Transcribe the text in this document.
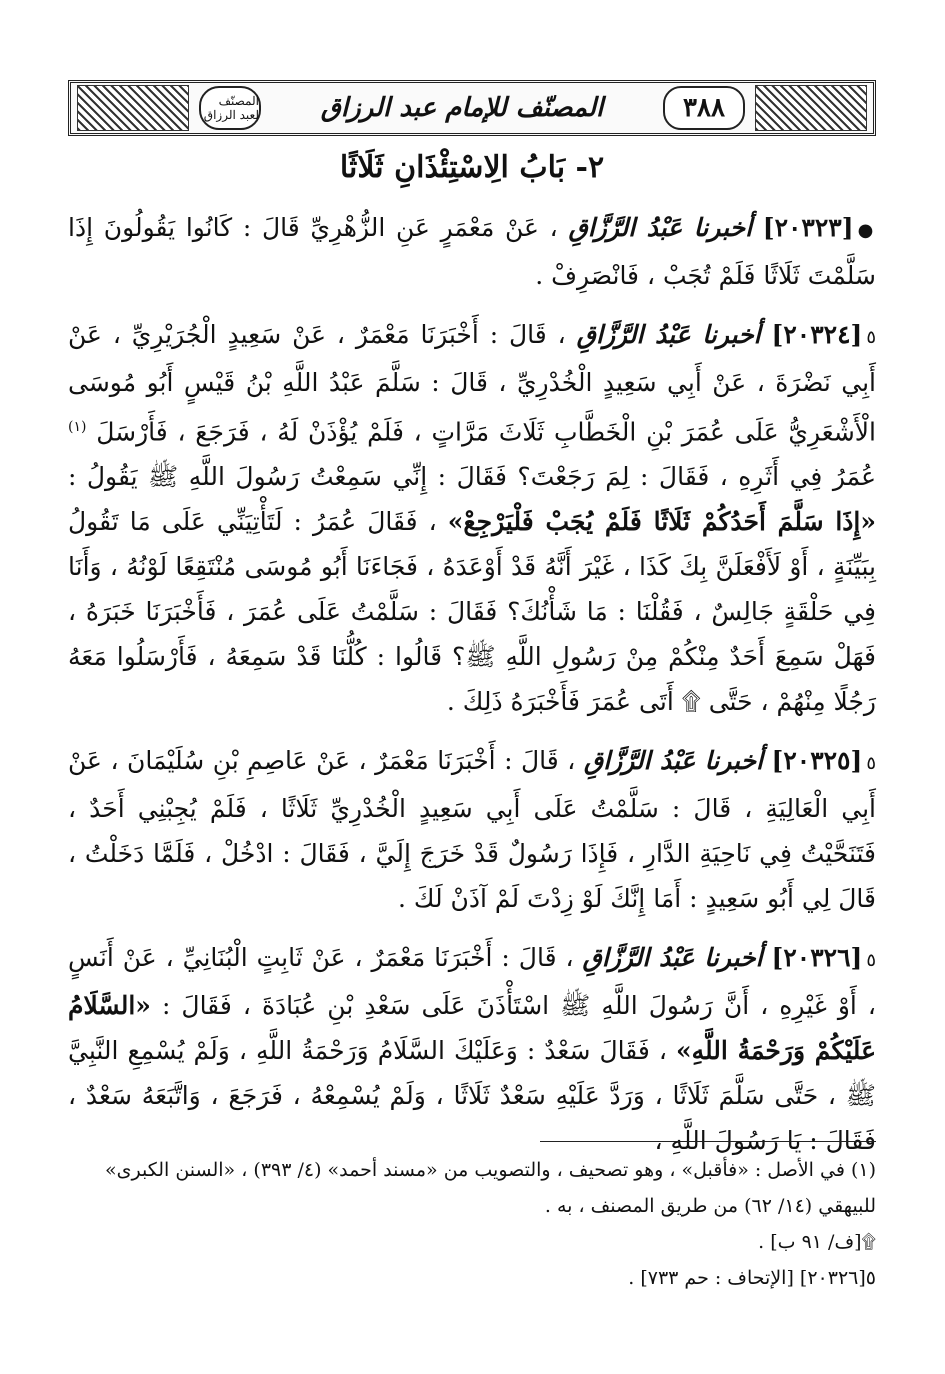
المصنّف لعبد الرزاق	المصنّف للإمام عبد الرزاق	٣٨٨
٢- بَابُ الِاسْتِئْذَانِ ثَلَاثًا

●[٢٠٣٢٣] أخبرنا عَبْدُ الرَّزَّاقِ ، عَنْ مَعْمَرٍ عَنِ الزُّهْرِيِّ قَالَ : كَانُوا يَقُولُونَ إِذَا سَلَّمْتَ ثَلَاثًا فَلَمْ تُجَبْ ، فَانْصَرِفْ .

٥[٢٠٣٢٤] أخبرنا عَبْدُ الرَّزَّاقِ ، قَالَ : أَخْبَرَنَا مَعْمَرٌ ، عَنْ سَعِيدٍ الْجُرَيْرِيِّ ، عَنْ أَبِي نَضْرَةَ ، عَنْ أَبِي سَعِيدٍ الْخُدْرِيِّ ، قَالَ : سَلَّمَ عَبْدُ اللَّهِ بْنُ قَيْسٍ أَبُو مُوسَى الْأَشْعَرِيُّ عَلَى عُمَرَ بْنِ الْخَطَّابِ ثَلَاثَ مَرَّاتٍ ، فَلَمْ يُؤْذَنْ لَهُ ، فَرَجَعَ ، فَأَرْسَلَ $^{(١)}$ عُمَرُ فِي أَثَرِهِ ، فَقَالَ : لِمَ رَجَعْتَ؟ فَقَالَ : إِنِّي سَمِعْتُ رَسُولَ اللَّهِ ﷺ يَقُولُ : «إِذَا سَلَّمَ أَحَدُكُمْ ثَلَاثًا فَلَمْ يُجَبْ فَلْيَرْجِعْ» ، فَقَالَ عُمَرُ : لَتَأْتِيَنِّي عَلَى مَا تَقُولُ بِبَيِّنَةٍ ، أَوْ لَأَفْعَلَنَّ بِكَ كَذَا ، غَيْرَ أَنَّهُ قَدْ أَوْعَدَهُ ، فَجَاءَنَا أَبُو مُوسَى مُنْتَقِعًا لَوْنُهُ ، وَأَنَا فِي حَلْقَةٍ جَالِسٌ ، فَقُلْنَا : مَا شَأْنُكَ؟ فَقَالَ : سَلَّمْتُ عَلَى عُمَرَ ، فَأَخْبَرَنَا خَبَرَهُ ، فَهَلْ سَمِعَ أَحَدٌ مِنْكُمْ مِنْ رَسُولِ اللَّهِ ﷺ؟ قَالُوا : كُلُّنَا قَدْ سَمِعَهُ ، فَأَرْسَلُوا مَعَهُ رَجُلًا مِنْهُمْ ، حَتَّى ۩ أَتَى عُمَرَ فَأَخْبَرَهُ ذَلِكَ .

٥[٢٠٣٢٥] أخبرنا عَبْدُ الرَّزَّاقِ ، قَالَ : أَخْبَرَنَا مَعْمَرٌ ، عَنْ عَاصِمِ بْنِ سُلَيْمَانَ ، عَنْ أَبِي الْعَالِيَةِ ، قَالَ : سَلَّمْتُ عَلَى أَبِي سَعِيدٍ الْخُدْرِيِّ ثَلَاثًا ، فَلَمْ يُجِبْنِي أَحَدٌ ، فَتَنَحَّيْتُ فِي نَاحِيَةِ الدَّارِ ، فَإِذَا رَسُولٌ قَدْ خَرَجَ إِلَيَّ ، فَقَالَ : ادْخُلْ ، فَلَمَّا دَخَلْتُ ، قَالَ لِي أَبُو سَعِيدٍ : أَمَا إِنَّكَ لَوْ زِدْتَ لَمْ آذَنْ لَكَ .

٥[٢٠٣٢٦] أخبرنا عَبْدُ الرَّزَّاقِ ، قَالَ : أَخْبَرَنَا مَعْمَرٌ ، عَنْ ثَابِتٍ الْبُنَانِيِّ ، عَنْ أَنَسٍ ، أَوْ غَيْرِهِ ، أَنَّ رَسُولَ اللَّهِ ﷺ اسْتَأْذَنَ عَلَى سَعْدِ بْنِ عُبَادَةَ ، فَقَالَ : «السَّلَامُ عَلَيْكُمْ وَرَحْمَةُ اللَّهِ» ، فَقَالَ سَعْدٌ : وَعَلَيْكَ السَّلَامُ وَرَحْمَةُ اللَّهِ ، وَلَمْ يُسْمِعِ النَّبِيَّ ﷺ ، حَتَّى سَلَّمَ ثَلَاثًا ، وَرَدَّ عَلَيْهِ سَعْدٌ ثَلَاثًا ، وَلَمْ يُسْمِعْهُ ، فَرَجَعَ ، وَاتَّبَعَهُ سَعْدٌ ، فَقَالَ : يَا رَسُولَ اللَّهِ ،

(١) في الأصل : «فأقبل» ، وهو تصحيف ، والتصويب من «مسند أحمد» (٤/ ٣٩٣) ، «السنن الكبرى» للبيهقي (١٤/ ٦٢) من طريق المصنف ، به .

۩[ف/ ٩١ ب] .

٥[٢٠٣٢٦] [الإتحاف : حم ٧٣٣] .
